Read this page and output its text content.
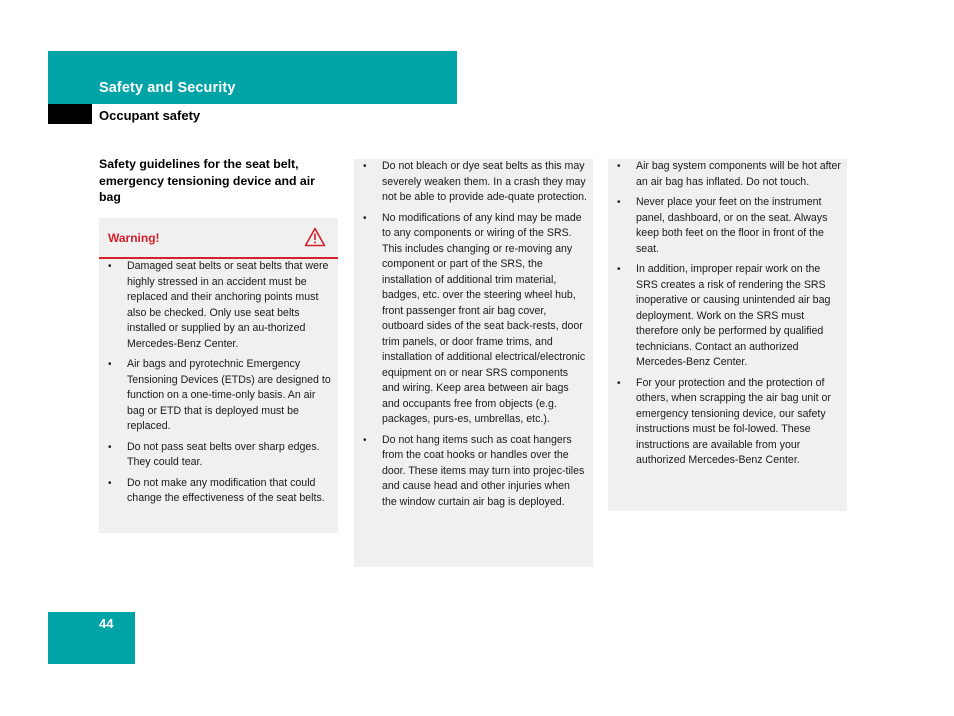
Safety and Security
Occupant safety
Safety guidelines for the seat belt, emergency tensioning device and air bag
Warning!
• Damaged seat belts or seat belts that were highly stressed in an accident must be replaced and their anchoring points must also be checked. Only use seat belts installed or supplied by an au-thorized Mercedes-Benz Center.
• Air bags and pyrotechnic Emergency Tensioning Devices (ETDs) are designed to function on a one-time-only basis. An air bag or ETD that is deployed must be replaced.
• Do not pass seat belts over sharp edges. They could tear.
• Do not make any modification that could change the effectiveness of the seat belts.
• Do not bleach or dye seat belts as this may severely weaken them. In a crash they may not be able to provide ade-quate protection.
• No modifications of any kind may be made to any components or wiring of the SRS. This includes changing or re-moving any component or part of the SRS, the installation of additional trim material, badges, etc. over the steering wheel hub, front passenger front air bag cover, outboard sides of the seat back-rests, door trim panels, or door frame trims, and installation of additional electrical/electronic equipment on or near SRS components and wiring. Keep area between air bags and occupants free from objects (e.g. packages, purs-es, umbrellas, etc.).
• Do not hang items such as coat hangers from the coat hooks or handles over the door. These items may turn into projec-tiles and cause head and other injuries when the window curtain air bag is deployed.
• Air bag system components will be hot after an air bag has inflated. Do not touch.
• Never place your feet on the instrument panel, dashboard, or on the seat. Always keep both feet on the floor in front of the seat.
• In addition, improper repair work on the SRS creates a risk of rendering the SRS inoperative or causing unintended air bag deployment. Work on the SRS must therefore only be performed by qualified technicians. Contact an authorized Mercedes-Benz Center.
• For your protection and the protection of others, when scrapping the air bag unit or emergency tensioning device, our safety instructions must be fol-lowed. These instructions are available from your authorized Mercedes-Benz Center.
44
